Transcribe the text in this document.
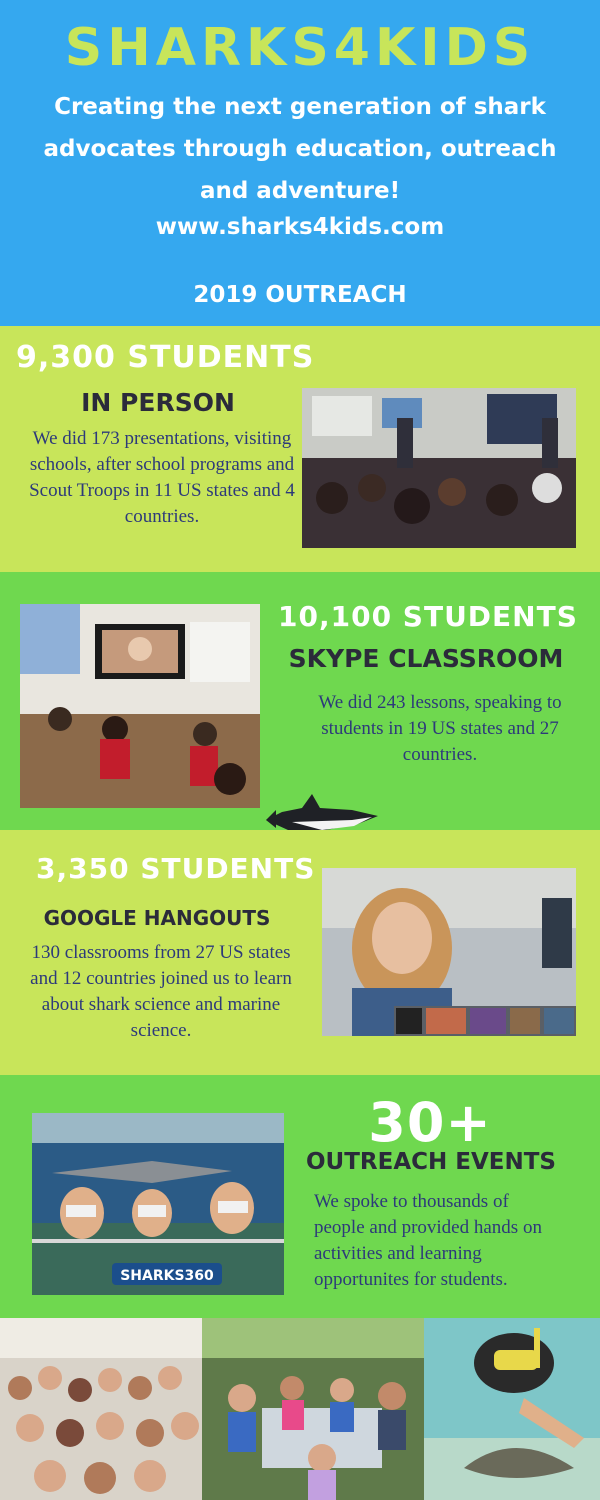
SHARKS4KIDS
Creating the next generation of shark advocates through education, outreach and adventure!
www.sharks4kids.com
2019 OUTREACH
9,300 STUDENTS
IN PERSON
We did 173 presentations, visiting schools, after school programs and Scout Troops in 11 US states and 4 countries.
10,100 STUDENTS
SKYPE CLASSROOM
We did 243 lessons, speaking to students in 19 US states and 27 countries.
3,350 STUDENTS
GOOGLE HANGOUTS
130 classrooms from 27 US states and 12 countries joined us to learn about shark science and marine science.
SHARKS360
30+
OUTREACH EVENTS
We spoke to thousands of people and provided hands on activities and learning opportunites for students.
